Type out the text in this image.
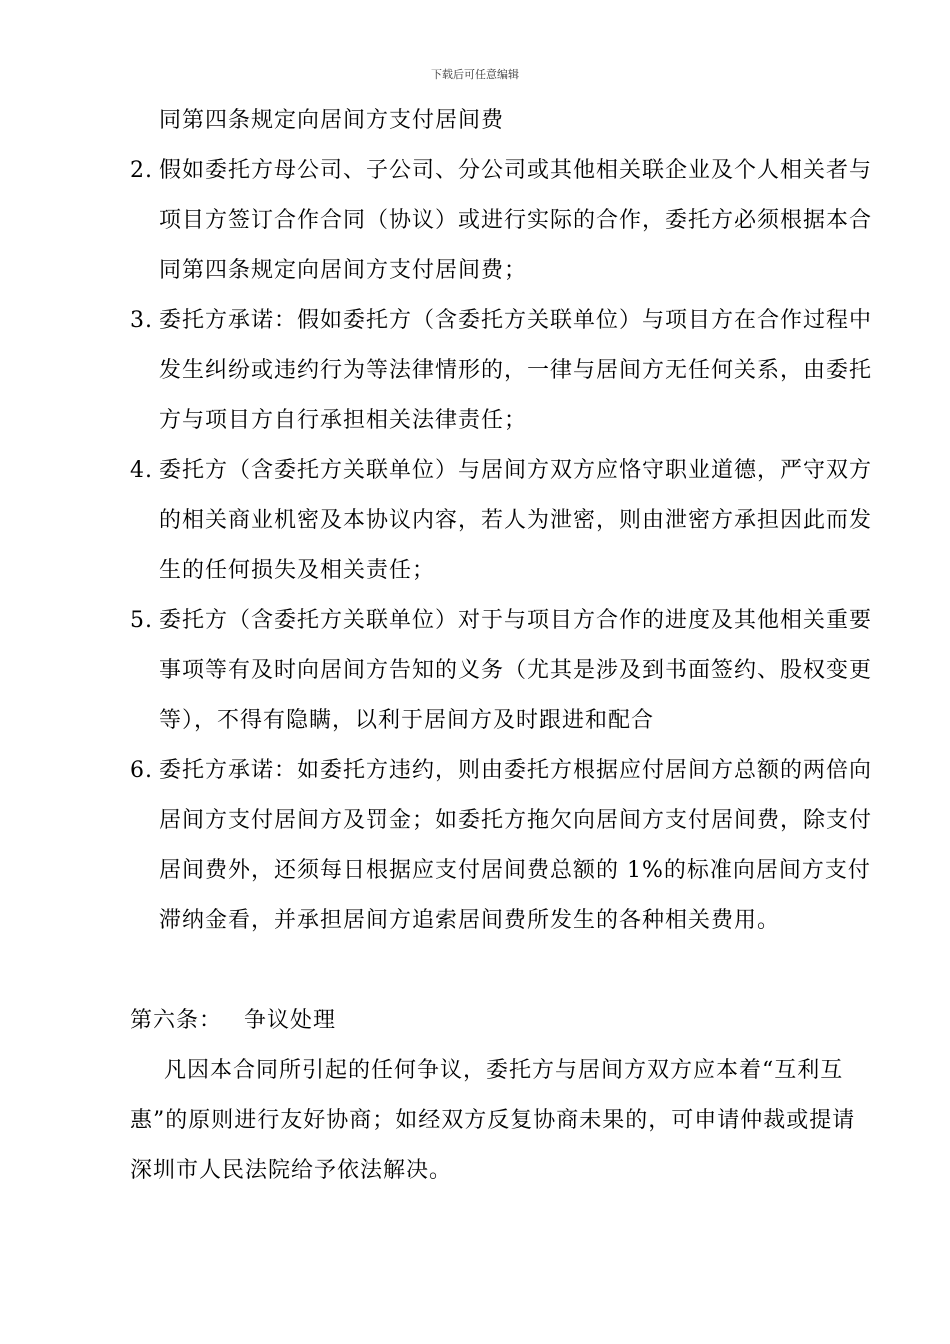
下载后可任意编辑
同第四条规定向居间方支付居间费
2. 假如委托方母公司、子公司、分公司或其他相关联企业及个人相关者与项目方签订合作合同（协议）或进行实际的合作，委托方必须根据本合同第四条规定向居间方支付居间费；
3. 委托方承诺：假如委托方（含委托方关联单位）与项目方在合作过程中发生纠纷或违约行为等法律情形的，一律与居间方无任何关系，由委托方与项目方自行承担相关法律责任；
4. 委托方（含委托方关联单位）与居间方双方应恪守职业道德，严守双方的相关商业机密及本协议内容，若人为泄密，则由泄密方承担因此而发生的任何损失及相关责任；
5. 委托方（含委托方关联单位）对于与项目方合作的进度及其他相关重要事项等有及时向居间方告知的义务（尤其是涉及到书面签约、股权变更等），不得有隐瞒，以利于居间方及时跟进和配合
6. 委托方承诺：如委托方违约，则由委托方根据应付居间方总额的两倍向居间方支付居间方及罚金；如委托方拖欠向居间方支付居间费，除支付居间费外，还须每日根据应支付居间费总额的 1%的标准向居间方支付滞纳金看，并承担居间方追索居间费所发生的各种相关费用。
第六条： 争议处理
凡因本合同所引起的任何争议，委托方与居间方双方应本着“互利互惠”的原则进行友好协商；如经双方反复协商未果的，可申请仲裁或提请深圳市人民法院给予依法解决。
